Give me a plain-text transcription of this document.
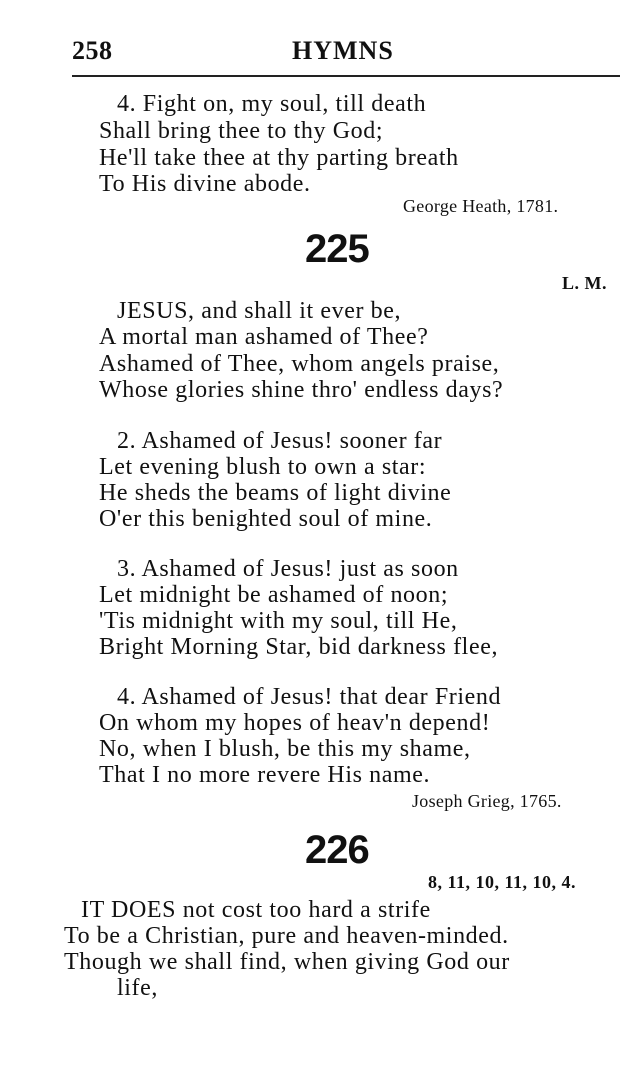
258	HYMNS
4. Fight on, my soul, till death
Shall bring thee to thy God;
He'll take thee at thy parting breath
To His divine abode.
George Heath, 1781.
225
L. M.
JESUS, and shall it ever be,
A mortal man ashamed of Thee?
Ashamed of Thee, whom angels praise,
Whose glories shine thro' endless days?
2. Ashamed of Jesus! sooner far
Let evening blush to own a star:
He sheds the beams of light divine
O'er this benighted soul of mine.
3. Ashamed of Jesus! just as soon
Let midnight be ashamed of noon;
'Tis midnight with my soul, till He,
Bright Morning Star, bid darkness flee,
4. Ashamed of Jesus! that dear Friend
On whom my hopes of heav'n depend!
No, when I blush, be this my shame,
That I no more revere His name.
Joseph Grieg, 1765.
226
8, 11, 10, 11, 10, 4.
IT DOES not cost too hard a strife
To be a Christian, pure and heaven-minded.
Though we shall find, when giving God our
life,
